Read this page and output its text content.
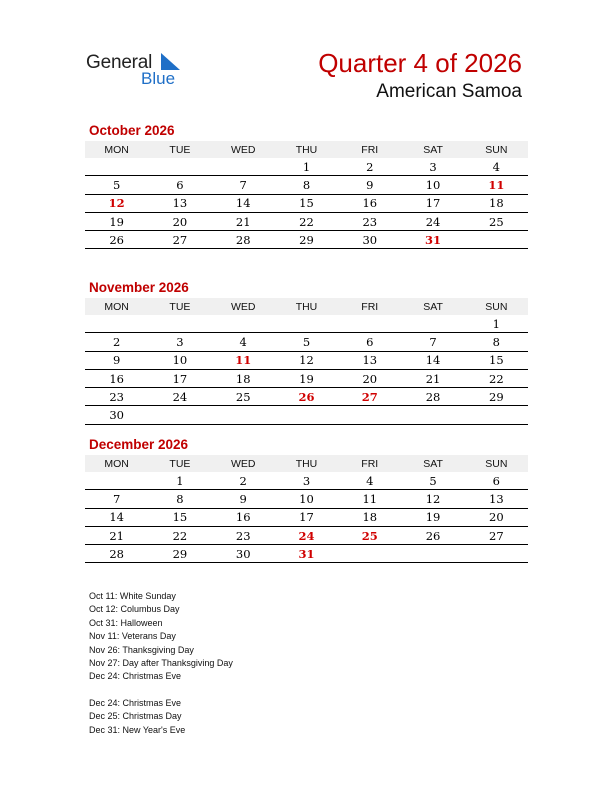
General
Blue
Quarter 4 of 2026
American Samoa
October 2026
MON	TUE	WED	THU	FRI	SAT	SUN
			1	2	3	4
5	6	7	8	9	10	11
12	13	14	15	16	17	18
19	20	21	22	23	24	25
26	27	28	29	30	31	
November 2026
MON	TUE	WED	THU	FRI	SAT	SUN
						1
2	3	4	5	6	7	8
9	10	11	12	13	14	15
16	17	18	19	20	21	22
23	24	25	26	27	28	29
30						
December 2026
MON	TUE	WED	THU	FRI	SAT	SUN
	1	2	3	4	5	6
7	8	9	10	11	12	13
14	15	16	17	18	19	20
21	22	23	24	25	26	27
28	29	30	31			
Oct 11: White Sunday
Oct 12: Columbus Day
Oct 31: Halloween
Nov 11: Veterans Day
Nov 26: Thanksgiving Day
Nov 27: Day after Thanksgiving Day
Dec 24: Christmas Eve
Dec 24: Christmas Eve
Dec 25: Christmas Day
Dec 31: New Year's Eve
